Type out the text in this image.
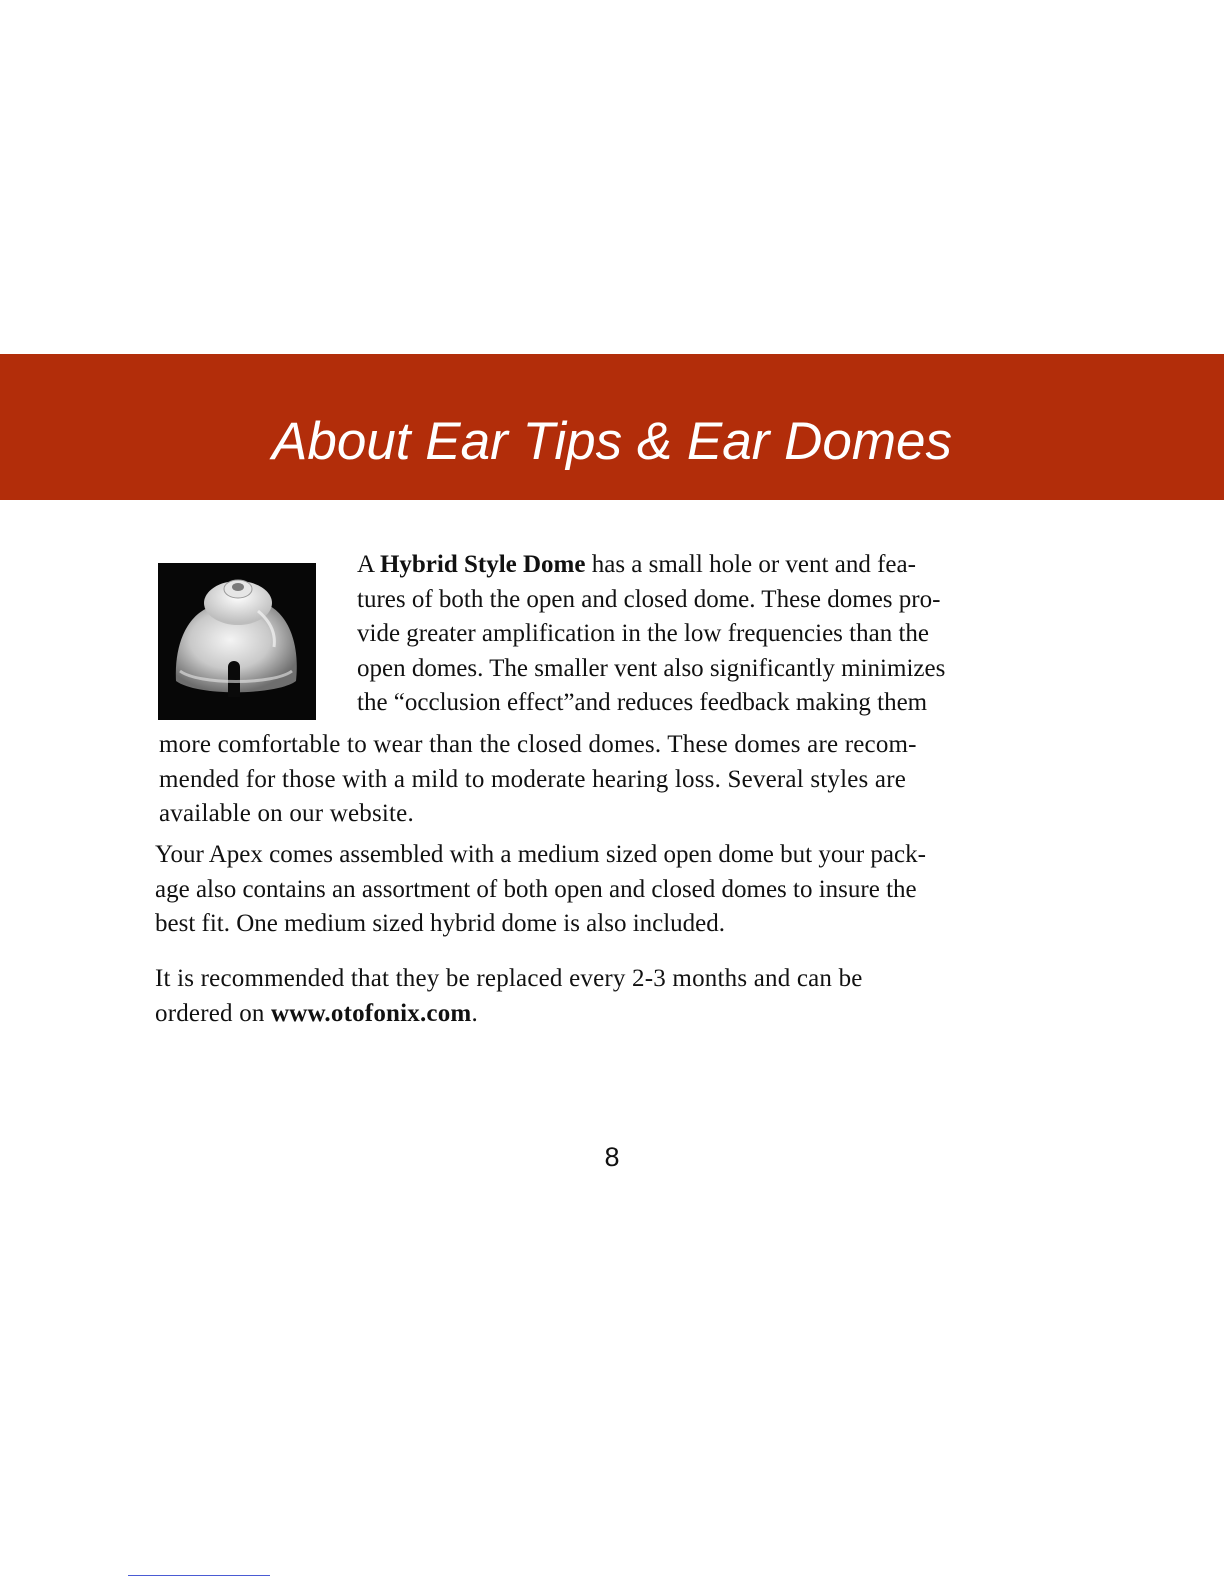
About Ear Tips & Ear Domes

A Hybrid Style Dome has a small hole or vent and fea-
tures of both the open and closed dome. These domes pro-
vide greater amplification in the low frequencies than the
open domes. The smaller vent also significantly minimizes
the “occlusion effect”and reduces feedback making them

more comfortable to wear than the closed domes. These domes are recom-
mended for those with a mild to moderate hearing loss. Several styles are
available on our website.

Your Apex comes assembled with a medium sized open dome but your pack-
age also contains an assortment of both open and closed domes to insure the
best fit. One medium sized hybrid dome is also included.

It is recommended that they be replaced every 2-3 months and can be
ordered on www.otofonix.com.

8
